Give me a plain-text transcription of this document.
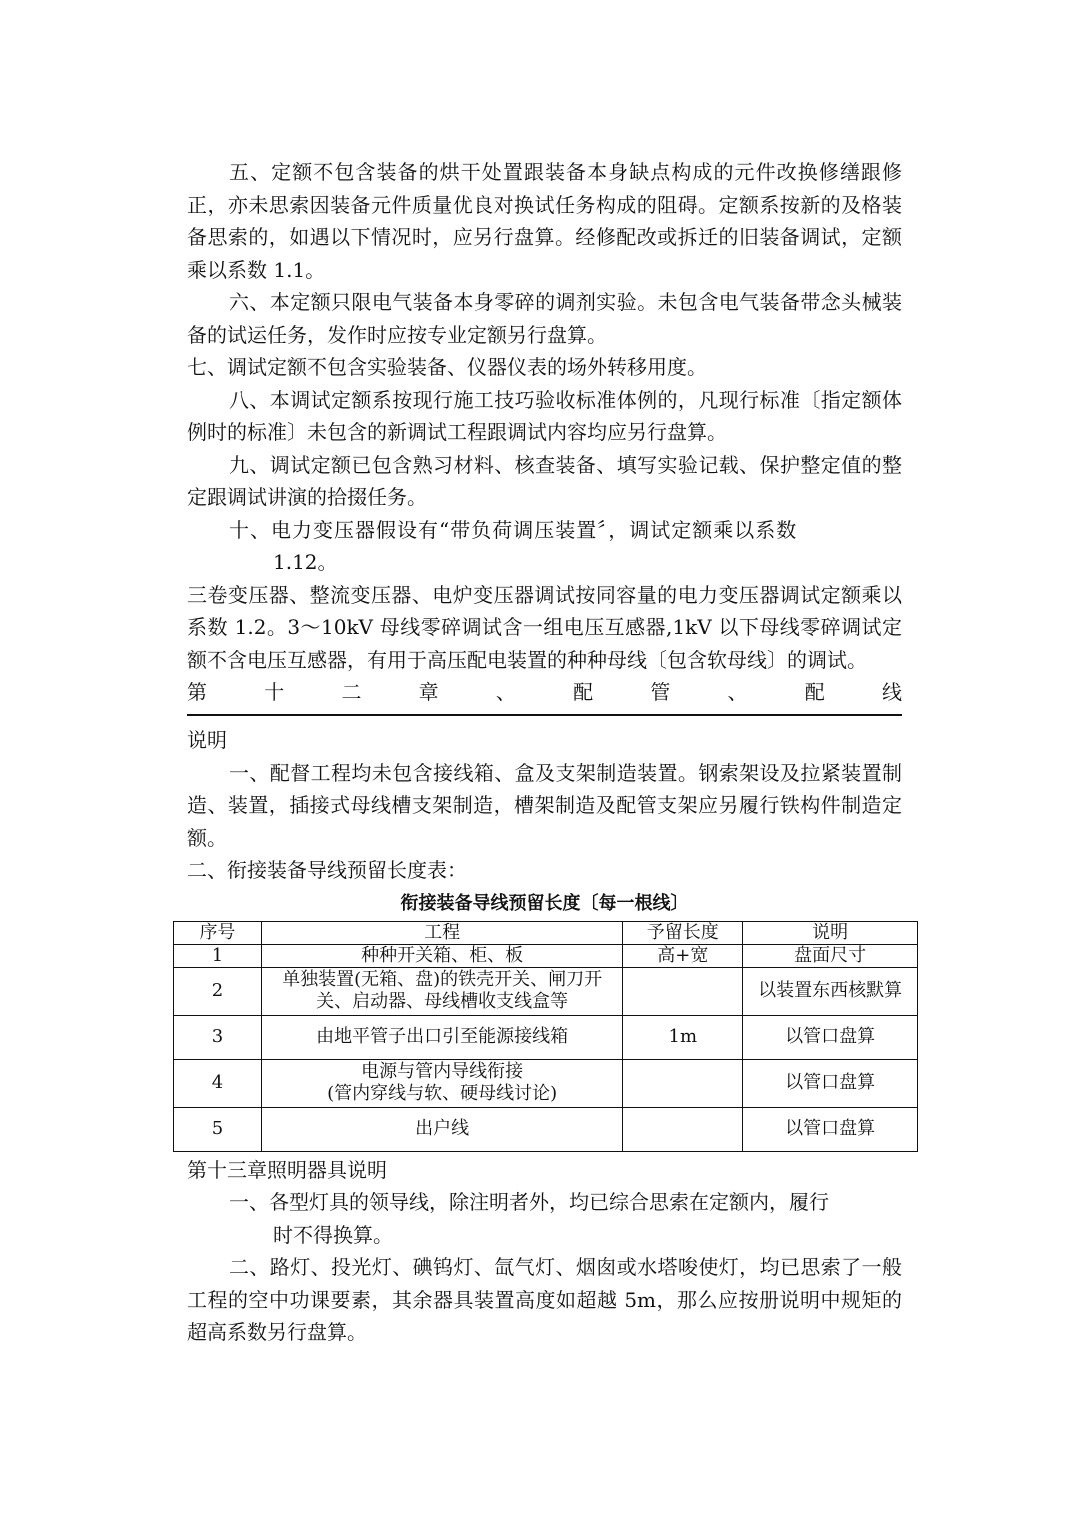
五、定额不包含装备的烘干处置跟装备本身缺点构成的元件改换修缮跟修正，亦未思索因装备元件质量优良对换试任务构成的阻碍。定额系按新的及格装备思索的，如遇以下情况时，应另行盘算。经修配改或拆迁的旧装备调试，定额乘以系数 1.1。

六、本定额只限电气装备本身零碎的调剂实验。未包含电气装备带念头械装备的试运任务，发作时应按专业定额另行盘算。

七、调试定额不包含实验装备、仪器仪表的场外转移用度。

八、本调试定额系按现行施工技巧验收标准体例的，凡现行标准〔指定额体例时的标准〕未包含的新调试工程跟调试内容均应另行盘算。

九、调试定额已包含熟习材料、核查装备、填写实验记载、保护整定值的整定跟调试讲演的拾掇任务。

十、电力变压器假设有“带负荷调压装置〞，调试定额乘以系数

1.12。

三卷变压器、整流变压器、电炉变压器调试按同容量的电力变压器调试定额乘以系数 1.2。3～10kV 母线零碎调试含一组电压互感器,1kV 以下母线零碎调试定额不含电压互感器，有用于高压配电装置的种种母线〔包含软母线〕的调试。

第	十	二	章	、	配	管	、	配	线

说明

一、配督工程均未包含接线箱、盒及支架制造装置。钢索架设及拉紧装置制造、装置，插接式母线槽支架制造，槽架制造及配管支架应另履行铁构件制造定额。

二、衔接装备导线预留长度表：

衔接装备导线预留长度〔每一根线〕
序号	工程	予留长度	说明
1	种种开关箱、柜、板	高+宽	盘面尺寸
2	单独装置(无箱、盘)的铁壳开关、闸刀开
关、启动器、母线槽收支线盒等		以装置东西核默算
3	由地平管子出口引至能源接线箱	1m	以管口盘算
4	电源与管内导线衔接
(管内穿线与软、硬母线讨论)		以管口盘算
5	出户线		以管口盘算

第十三章照明器具说明

一、各型灯具的领导线，除注明者外，均已综合思索在定额内，履行

时不得换算。

二、路灯、投光灯、碘钨灯、氙气灯、烟囱或水塔唆使灯，均已思索了一般工程的空中功课要素，其余器具装置高度如超越 5m，那么应按册说明中规矩的超高系数另行盘算。
